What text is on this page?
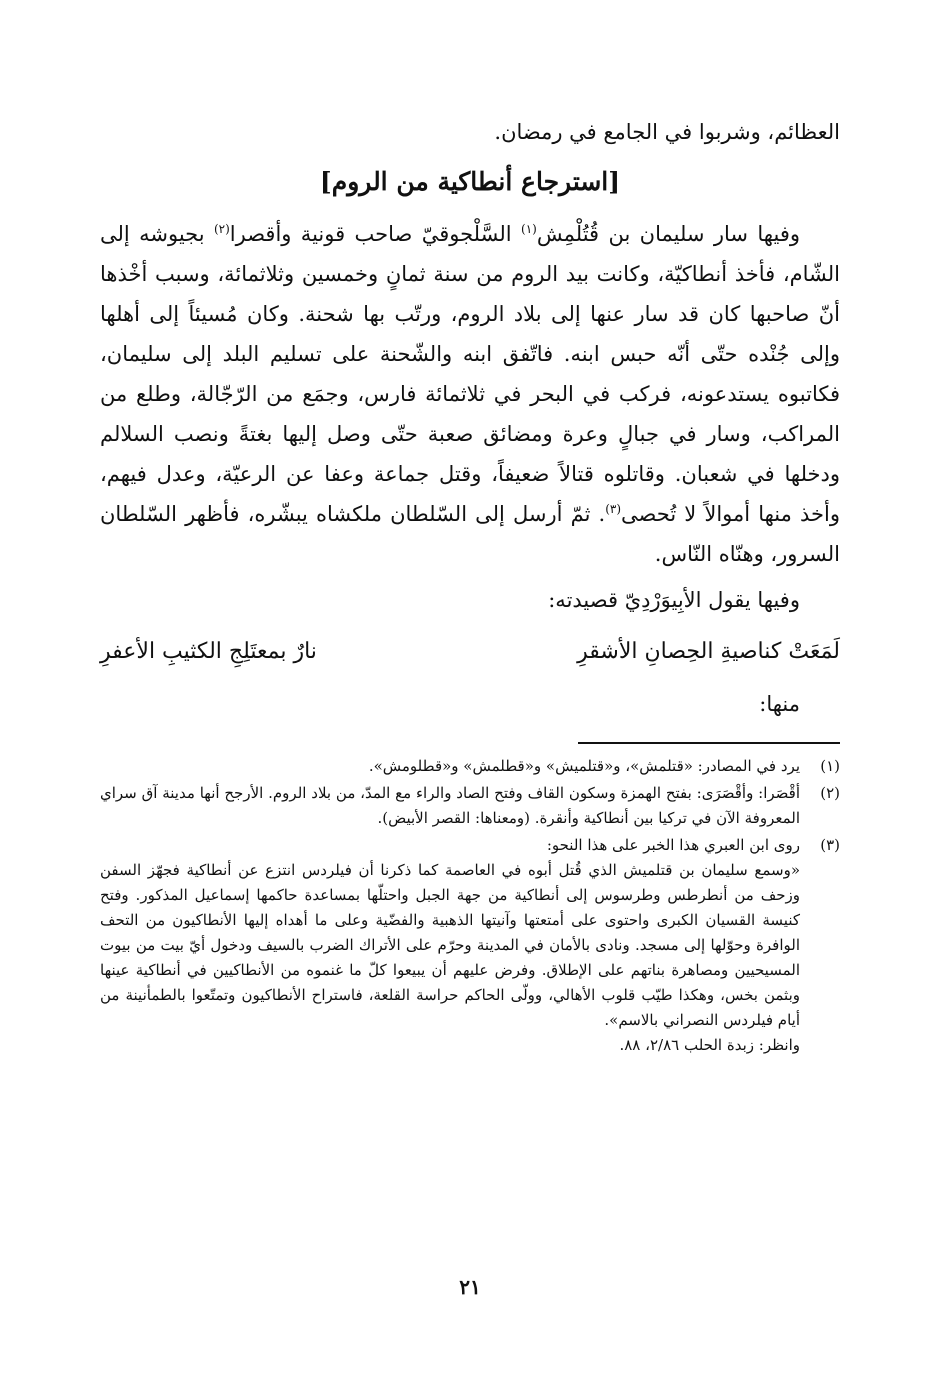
العظائم، وشربوا في الجامع في رمضان.

[استرجاع أنطاكية من الروم]

وفيها سار سليمان بن قُتُلْمِش$^{(١)}$ السَّلْجوقيّ صاحب قونية وأقصرا$^{(٢)}$ بجيوشه إلى الشّام، فأخذ أنطاكيّة، وكانت بيد الروم من سنة ثمانٍ وخمسين وثلاثمائة، وسبب أخْذها أنّ صاحبها كان قد سار عنها إلى بلاد الروم، ورتّب بها شحنة. وكان مُسيئاً إلى أهلها وإلى جُنْده حتّى أنّه حبس ابنه. فاتّفق ابنه والشّحنة على تسليم البلد إلى سليمان، فكاتبوه يستدعونه، فركب في البحر في ثلاثمائة فارس، وجمَع من الرّجّالة، وطلع من المراكب، وسار في جبالٍ وعرة ومضائق صعبة حتّى وصل إليها بغتةً ونصب السلالم ودخلها في شعبان. وقاتلوه قتالاً ضعيفاً، وقتل جماعة وعفا عن الرعيّة، وعدل فيهم، وأخذ منها أموالاً لا تُحصى$^{(٣)}$. ثمّ أرسل إلى السّلطان ملكشاه يبشّره، فأظهر السّلطان السرور، وهنّاه النّاس.

وفيها يقول الأبِيوَرْدِيّ قصيدته:

لَمَعَتْ كناصيةِ الحِصانِ الأشقرِ
نارٌ بمعتَلِجِ الكثيبِ الأعفرِ

منها:

(١)

يرد في المصادر: «قتلمش»، و«قتلميش» و«قطلمش» و«قطلومش».

(٢)

أقْصَرا: وأقْصَرَى: بفتح الهمزة وسكون القاف وفتح الصاد والراء مع المدّ، من بلاد الروم. الأرجح أنها مدينة آق سراي المعروفة الآن في تركيا بين أنطاكية وأنقرة. (ومعناها: القصر الأبيض).

(٣)

روى ابن العبري هذا الخبر على هذا النحو:

«وسمع سليمان بن قتلميش الذي قُتل أبوه في العاصمة كما ذكرنا أن فيلردس انتزع عن أنطاكية فجهّز السفن وزحف من أنطرطس وطرسوس إلى أنطاكية من جهة الجبل واحتلّها بمساعدة حاكمها إسماعيل المذكور. وفتح كنيسة القسيان الكبرى واحتوى على أمتعتها وآنيتها الذهبية والفضّية وعلى ما أهداه إليها الأنطاكيون من التحف الوافرة وحوّلها إلى مسجد. ونادى بالأمان في المدينة وحرّم على الأتراك الضرب بالسيف ودخول أيّ بيت من بيوت المسيحيين ومصاهرة بناتهم على الإطلاق. وفرض عليهم أن يبيعوا كلّ ما غنموه من الأنطاكيين في أنطاكية عينها وبثمن بخس، وهكذا طيّب قلوب الأهالي، وولّى الحاكم حراسة القلعة، فاستراح الأنطاكيون وتمتّعوا بالطمأنينة من أيام فيلردس النصراني بالاسم».

وانظر: زبدة الحلب ٢/٨٦، ٨٨.

٢١
